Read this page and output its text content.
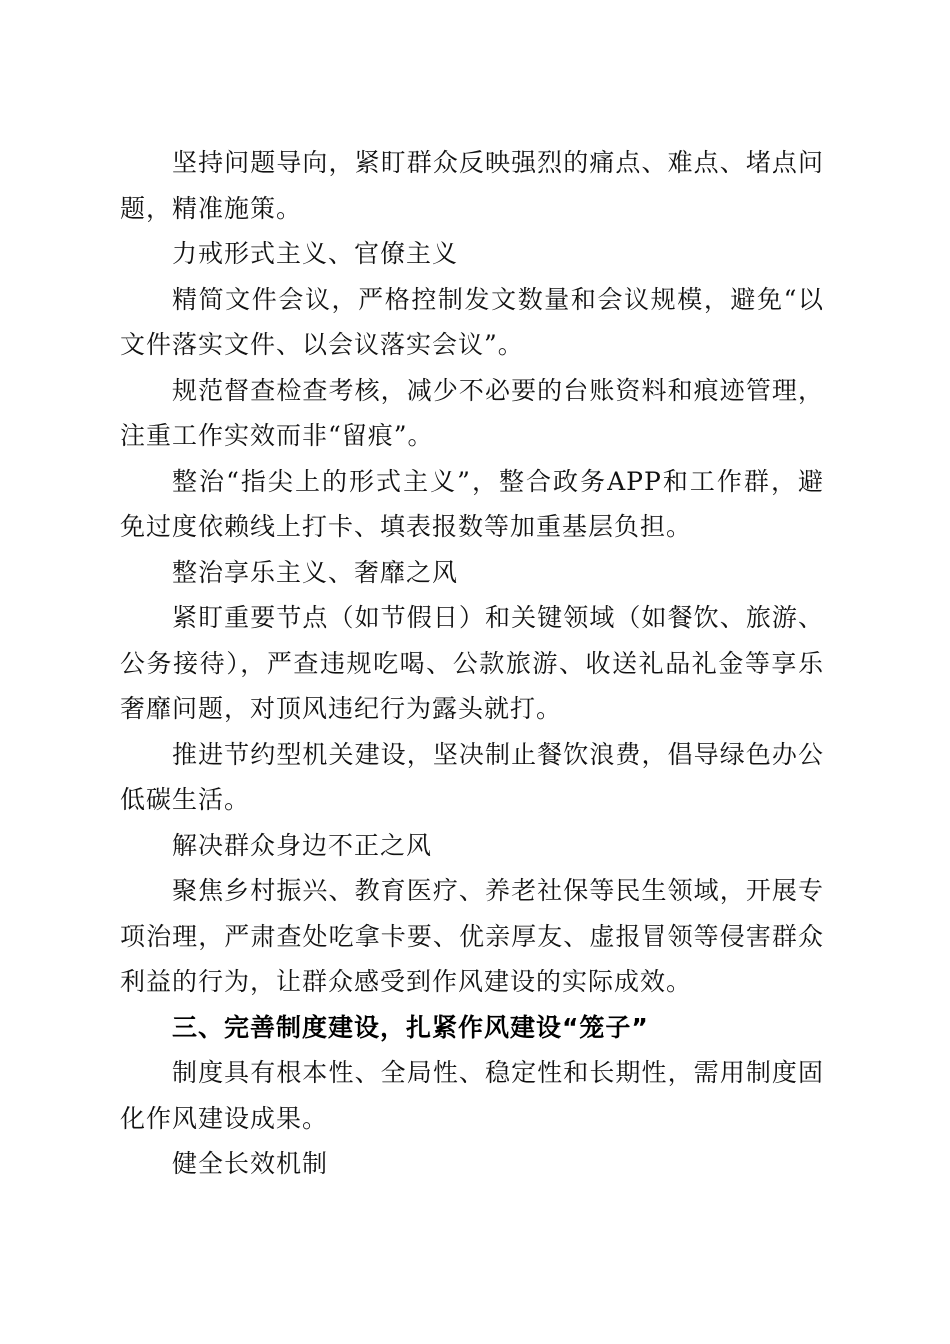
坚持问题导向，紧盯群众反映强烈的痛点、难点、堵点问题，精准施策。

力戒形式主义、官僚主义

精简文件会议，严格控制发文数量和会议规模，避免“以文件落实文件、以会议落实会议”。

规范督查检查考核，减少不必要的台账资料和痕迹管理，注重工作实效而非“留痕”。

整治“指尖上的形式主义”，整合政务APP和工作群，避免过度依赖线上打卡、填表报数等加重基层负担。

整治享乐主义、奢靡之风

紧盯重要节点（如节假日）和关键领域（如餐饮、旅游、公务接待），严查违规吃喝、公款旅游、收送礼品礼金等享乐奢靡问题，对顶风违纪行为露头就打。

推进节约型机关建设，坚决制止餐饮浪费，倡导绿色办公低碳生活。

解决群众身边不正之风

聚焦乡村振兴、教育医疗、养老社保等民生领域，开展专项治理，严肃查处吃拿卡要、优亲厚友、虚报冒领等侵害群众利益的行为，让群众感受到作风建设的实际成效。

三、完善制度建设，扎紧作风建设“笼子”

制度具有根本性、全局性、稳定性和长期性，需用制度固化作风建设成果。

健全长效机制
